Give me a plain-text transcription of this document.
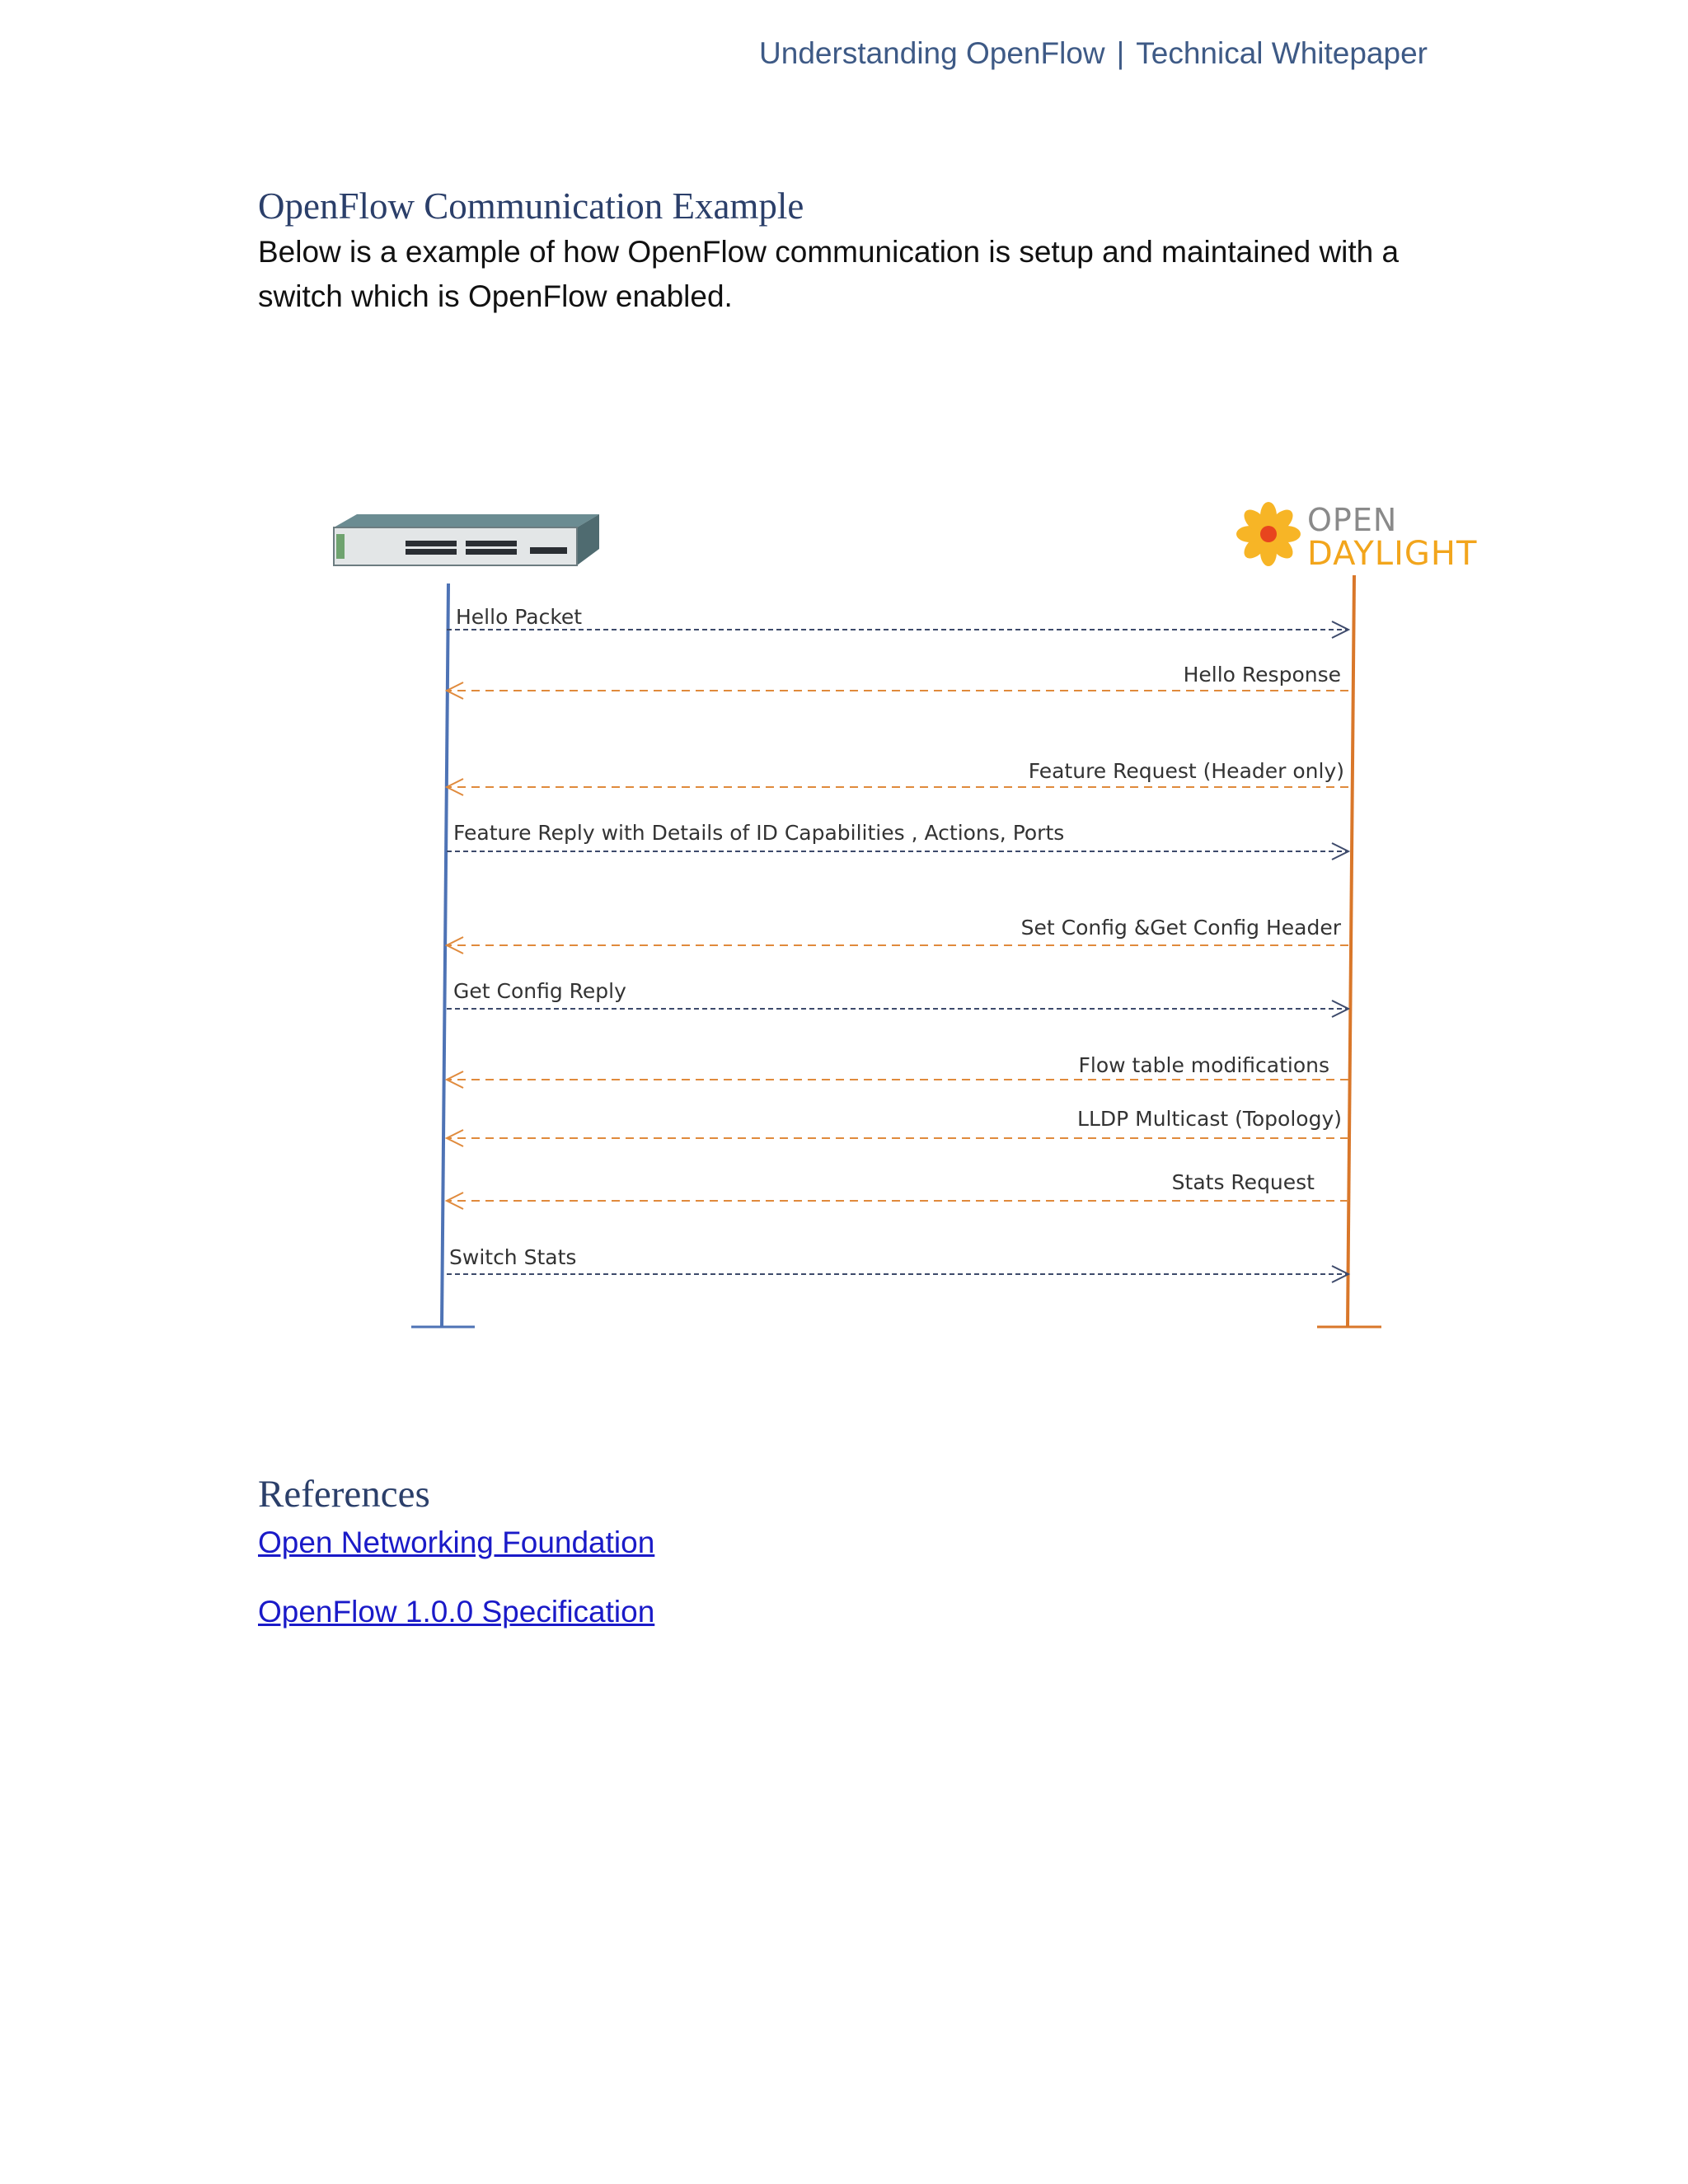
Understanding OpenFlow | Technical Whitepaper
OpenFlow Communication Example

Below is a example of how OpenFlow communication is setup and maintained with a switch which is OpenFlow enabled.

OPEN
DAYLIGHT
Hello Packet
Hello Response
Feature Request (Header only)
Feature Reply with Details of ID Capabilities , Actions, Ports
Set Config &Get Config Header
Get Config Reply
Flow table modifications
LLDP Multicast (Topology)
Stats Request
Switch Stats
References
Open Networking Foundation
OpenFlow 1.0.0 Specification
